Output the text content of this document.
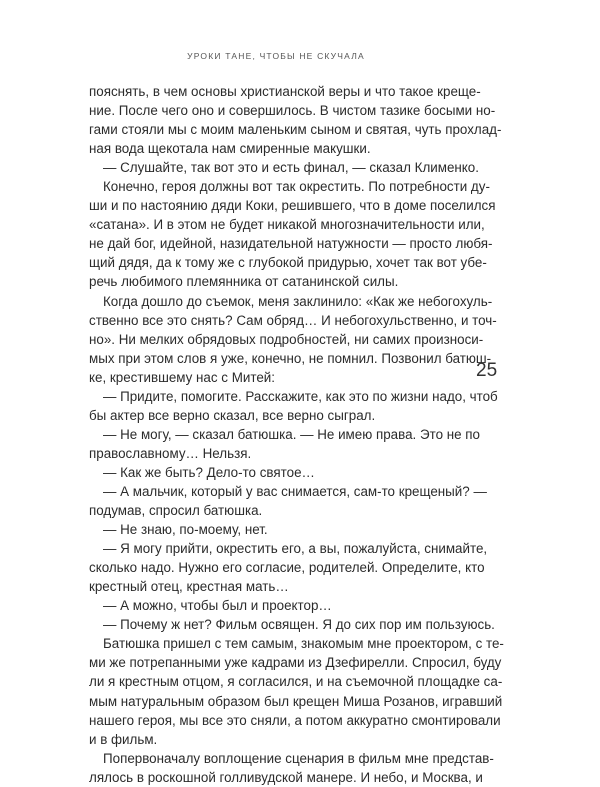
УРОКИ ТАНЕ, ЧТОБЫ НЕ СКУЧАЛА
25
пояснять, в чем основы христианской веры и что такое креще-
ние. После чего оно и совершилось. В чистом тазике босыми но-
гами стояли мы с моим маленьким сыном и святая, чуть прохлад-
ная вода щекотала нам смиренные макушки.
— Слушайте, так вот это и есть финал, — сказал Клименко.
Конечно, героя должны вот так окрестить. По потребности ду-
ши и по настоянию дяди Коки, решившего, что в доме поселился
«сатана». И в этом не будет никакой многозначительности или,
не дай бог, идейной, назидательной натужности — просто любя-
щий дядя, да к тому же с глубокой придурью, хочет так вот убе-
речь любимого племянника от сатанинской силы.
Когда дошло до съемок, меня заклинило: «Как же небогохуль-
ственно все это снять? Сам обряд… И небогохульственно, и точ-
но». Ни мелких обрядовых подробностей, ни самих произноси-
мых при этом слов я уже, конечно, не помнил. Позвонил батюш-
ке, крестившему нас с Митей:
— Придите, помогите. Расскажите, как это по жизни надо, чтоб
бы актер все верно сказал, все верно сыграл.
— Не могу, — сказал батюшка. — Не имею права. Это не по
православному… Нельзя.
— Как же быть? Дело-то святое…
— А мальчик, который у вас снимается, сам-то крещеный? —
подумав, спросил батюшка.
— Не знаю, по-моему, нет.
— Я могу прийти, окрестить его, а вы, пожалуйста, снимайте,
сколько надо. Нужно его согласие, родителей. Определите, кто
крестный отец, крестная мать…
— А можно, чтобы был и проектор…
— Почему ж нет? Фильм освящен. Я до сих пор им пользуюсь.
Батюшка пришел с тем самым, знакомым мне проектором, с те-
ми же потрепанными уже кадрами из Дзефирелли. Спросил, буду
ли я крестным отцом, я согласился, и на съемочной площадке са-
мым натуральным образом был крещен Миша Розанов, игравший
нашего героя, мы все это сняли, а потом аккуратно смонтировали
и в фильм.
Попервоначалу воплощение сценария в фильм мне представ-
лялось в роскошной голливудской манере. И небо, и Москва, и
